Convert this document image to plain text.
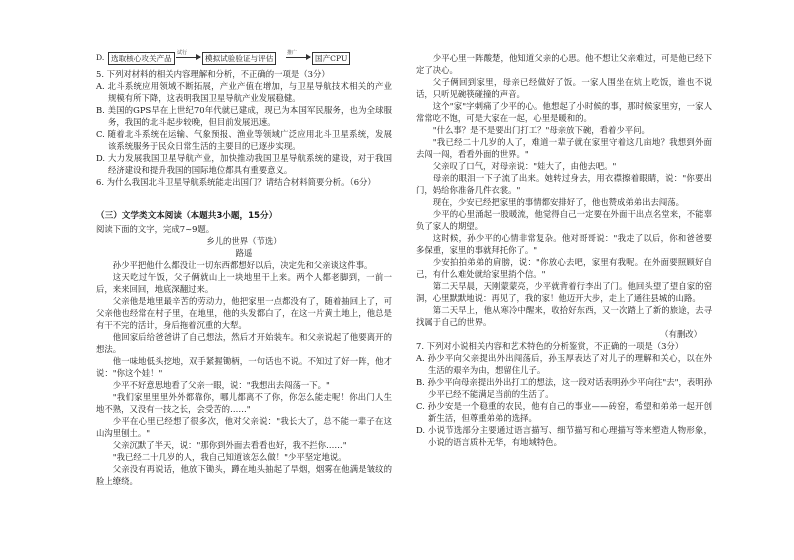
D. 选取核心攻关产品
试行
模拟试验验证与评估
推广
国产CPU

5. 下列对材料的相关内容理解和分析，不正确的一项是（3分）

A. 北斗系统应用领域不断拓展，产业产值在增加，与卫星导航技术相关的产业规模有所下降，这表明我国卫星导航产业发展稳健。

B. 美国的GPS早在上世纪70年代就已建成，现已为本国军民服务，也为全球服务，我国的北斗起步较晚，但目前发展迅速。

C. 随着北斗系统在运输、气象预报、渔业等领域广泛应用北斗卫星系统，发展该系统服务于民众日常生活的主要目的已逐步实现。

D. 大力发展我国卫星导航产业，加快推动我国卫星导航系统的建设，对于我国经济建设和提升我国的国际地位都具有重要意义。

6. 为什么我国北斗卫星导航系统能走出国门？请结合材料简要分析。（6分）

（三）文学类文本阅读（本题共3小题，15分）

阅读下面的文字，完成7~9题。

乡儿的世界（节选）

路遥

孙少平把他什么都没让一切东西都想好以后，决定先和父亲谈这件事。

这天吃过午饭，父子俩就山上一块地里干上来。两个人都老脚到，一前一后，来来回回，地底深翻过来。

父亲他是地里最辛苦的劳动力，他把家里一点都没有了，随着抽回上了，可父亲他也经常在村子里，在地里，他的头发都白了，在这一片黄土地上，他总是有干不完的活计，身后拖着沉重的大犁。

他回家后给爸爸讲了自己想法，然后才开始装车。和父亲说起了他要离开的想法。

他一味地低头挖地，双手紧握锄柄，一句话也不说。不知过了好一阵，他才说："你这个娃！"

少平不好意思地看了父亲一眼，说："我想出去闯荡一下。"

"我们家里里里外外都靠你，哪儿都离不了你，你怎么能走呢！你出门人生地不熟，又没有一技之长，会受苦的……"

少平在心里已经想了很多次，他对父亲说："我长大了，总不能一辈子在这山沟里刨土。"

父亲沉默了半天，说："那你到外面去看看也好，我不拦你……"

"我已经二十几岁的人，我自己知道该怎么做！"少平坚定地说。

父亲没有再说话，他放下锄头，蹲在地头抽起了旱烟，烟雾在他满是皱纹的脸上缭绕。

少平心里一阵酸楚，他知道父亲的心思。他不想让父亲难过，可是他已经下定了决心。

父子俩回到家里，母亲已经做好了饭。一家人围坐在炕上吃饭，谁也不说话，只听见碗筷碰撞的声音。

这个"家"字刺痛了少平的心。他想起了小时候的事，那时候家里穷，一家人常常吃不饱，可是大家在一起，心里是暖和的。

"什么事？是不是要出门打工？"母亲放下碗，看着少平问。

"我已经二十几岁的人了，难道一辈子就在家里守着这几亩地？我想到外面去闯一闯，看看外面的世界。"

父亲叹了口气，对母亲说："娃大了，由他去吧。"

母亲的眼泪一下子流了出来。她转过身去，用衣襟擦着眼睛，说："你要出门，妈给你准备几件衣裳。"

现在，少安已经把家里的事情都安排好了，他也赞成弟弟出去闯荡。

少平的心里涌起一股暖流，他觉得自己一定要在外面干出点名堂来，不能辜负了家人的期望。

这时候，孙少平的心情非常复杂。他对哥哥说："我走了以后，你和爸爸要多保重，家里的事就拜托你了。"

少安拍拍弟弟的肩膀，说："你放心去吧，家里有我呢。在外面要照顾好自己，有什么难处就给家里捎个信。"

第二天早晨，天刚蒙蒙亮，少平就背着行李出了门。他回头望了望自家的窑洞，心里默默地说：再见了，我的家！他迈开大步，走上了通往县城的山路。

第二天早上，他从寒冷中醒来，收拾好东西，又一次踏上了新的旅途，去寻找属于自己的世界。

（有删改）

7. 下列对小说相关内容和艺术特色的分析鉴赏，不正确的一项是（3分）

A. 孙少平向父亲提出外出闯荡后，孙玉厚表达了对儿子的理解和关心，以在外生活的艰辛为由，想留住儿子。

B. 孙少平向母亲提出外出打工的想法，这一段对话表明孙少平向往"去"，表明孙少平已经不能满足当前的生活了。

C. 孙少安是一个稳重的农民，他有自己的事业——砖窑，希望和弟弟一起开创新生活，但尊重弟弟的选择。

D. 小说节选部分主要通过语言描写、细节描写和心理描写等来塑造人物形象，小说的语言质朴无华，有地域特色。
